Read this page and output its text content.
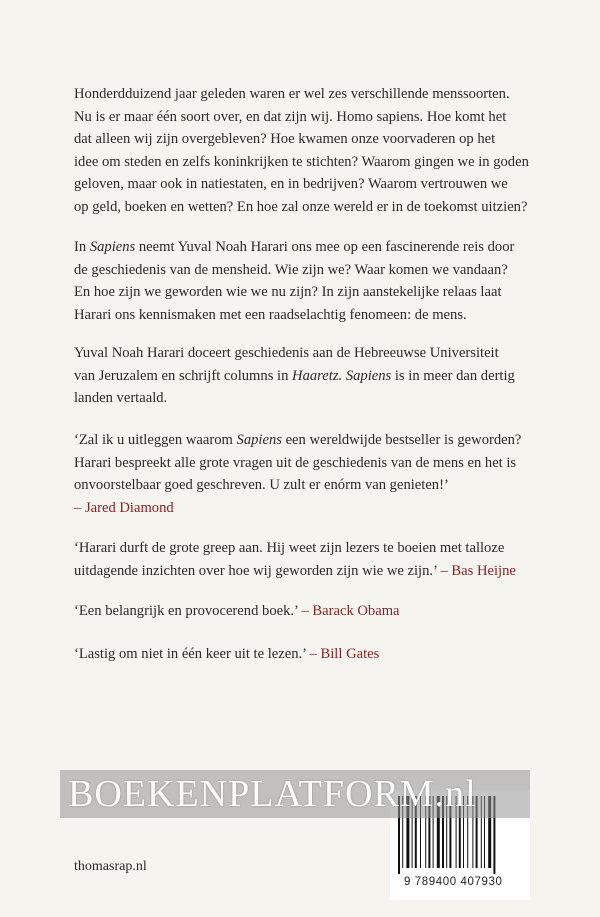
Honderdduizend jaar geleden waren er wel zes verschillende menssoorten.
Nu is er maar één soort over, en dat zijn wij. Homo sapiens. Hoe komt het
dat alleen wij zijn overgebleven? Hoe kwamen onze voorvaderen op het
idee om steden en zelfs koninkrijken te stichten? Waarom gingen we in goden
geloven, maar ook in natiestaten, en in bedrijven? Waarom vertrouwen we
op geld, boeken en wetten? En hoe zal onze wereld er in de toekomst uitzien?

In Sapiens neemt Yuval Noah Harari ons mee op een fascinerende reis door
de geschiedenis van de mensheid. Wie zijn we? Waar komen we vandaan?
En hoe zijn we geworden wie we nu zijn? In zijn aanstekelijke relaas laat
Harari ons kennismaken met een raadselachtig fenomeen: de mens.

Yuval Noah Harari doceert geschiedenis aan de Hebreeuwse Universiteit
van Jeruzalem en schrijft columns in Haaretz. Sapiens is in meer dan dertig
landen vertaald.

‘Zal ik u uitleggen waarom Sapiens een wereldwijde bestseller is geworden?
Harari bespreekt alle grote vragen uit de geschiedenis van de mens en het is
onvoorstelbaar goed geschreven. U zult er enórm van genieten!’
– Jared Diamond

‘Harari durft de grote greep aan. Hij weet zijn lezers te boeien met talloze
uitdagende inzichten over hoe wij geworden zijn wie we zijn.’ – Bas Heijne

‘Een belangrijk en provocerend boek.’ – Barack Obama

‘Lastig om niet in één keer uit te lezen.’ – Bill Gates

9 789400 407930
BOEKENPLATFORM.nl
thomasrap.nl
